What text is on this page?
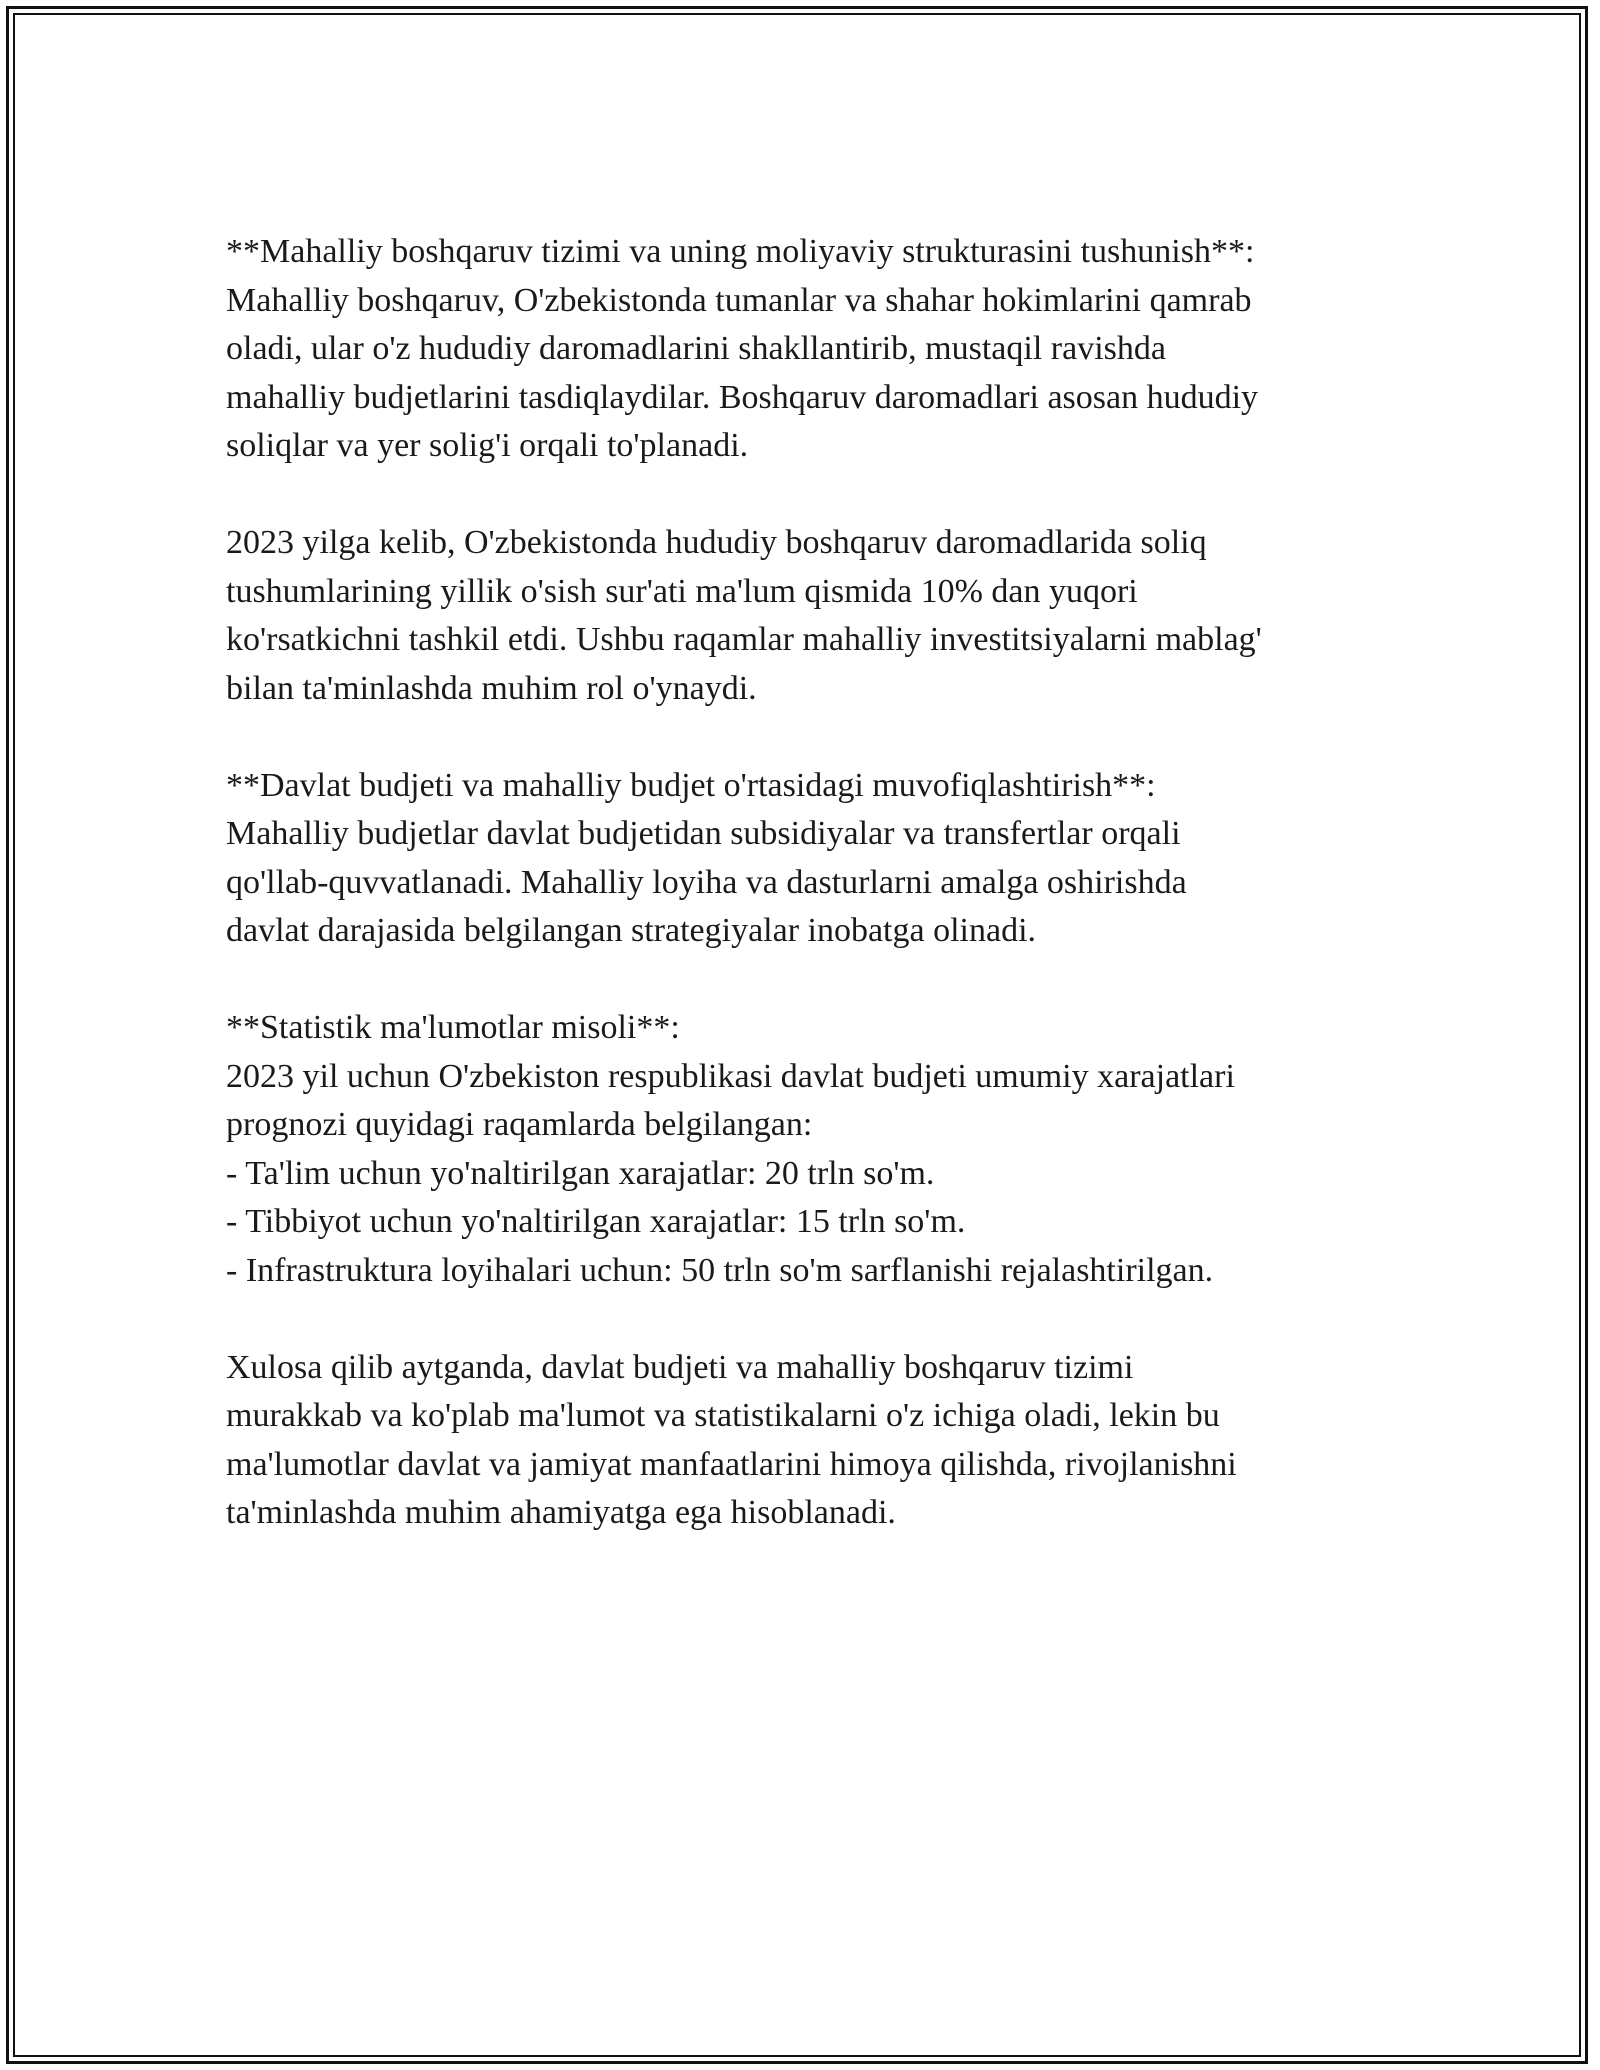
**Mahalliy boshqaruv tizimi va uning moliyaviy strukturasini tushunish**:
Mahalliy boshqaruv, O'zbekistonda tumanlar va shahar hokimlarini qamrab
oladi, ular o'z hududiy daromadlarini shakllantirib, mustaqil ravishda
mahalliy budjetlarini tasdiqlaydilar. Boshqaruv daromadlari asosan hududiy
soliqlar va yer solig'i orqali to'planadi.

2023 yilga kelib, O'zbekistonda hududiy boshqaruv daromadlarida soliq
tushumlarining yillik o'sish sur'ati ma'lum qismida 10% dan yuqori
ko'rsatkichni tashkil etdi. Ushbu raqamlar mahalliy investitsiyalarni mablag'
bilan ta'minlashda muhim rol o'ynaydi.

**Davlat budjeti va mahalliy budjet o'rtasidagi muvofiqlashtirish**:
Mahalliy budjetlar davlat budjetidan subsidiyalar va transfertlar orqali
qo'llab-quvvatlanadi. Mahalliy loyiha va dasturlarni amalga oshirishda
davlat darajasida belgilangan strategiyalar inobatga olinadi.

**Statistik ma'lumotlar misoli**:
2023 yil uchun O'zbekiston respublikasi davlat budjeti umumiy xarajatlari
prognozi quyidagi raqamlarda belgilangan:
- Ta'lim uchun yo'naltirilgan xarajatlar: 20 trln so'm.
- Tibbiyot uchun yo'naltirilgan xarajatlar: 15 trln so'm.
- Infrastruktura loyihalari uchun: 50 trln so'm sarflanishi rejalashtirilgan.

Xulosa qilib aytganda, davlat budjeti va mahalliy boshqaruv tizimi
murakkab va ko'plab ma'lumot va statistikalarni o'z ichiga oladi, lekin bu
ma'lumotlar davlat va jamiyat manfaatlarini himoya qilishda, rivojlanishni
ta'minlashda muhim ahamiyatga ega hisoblanadi.
